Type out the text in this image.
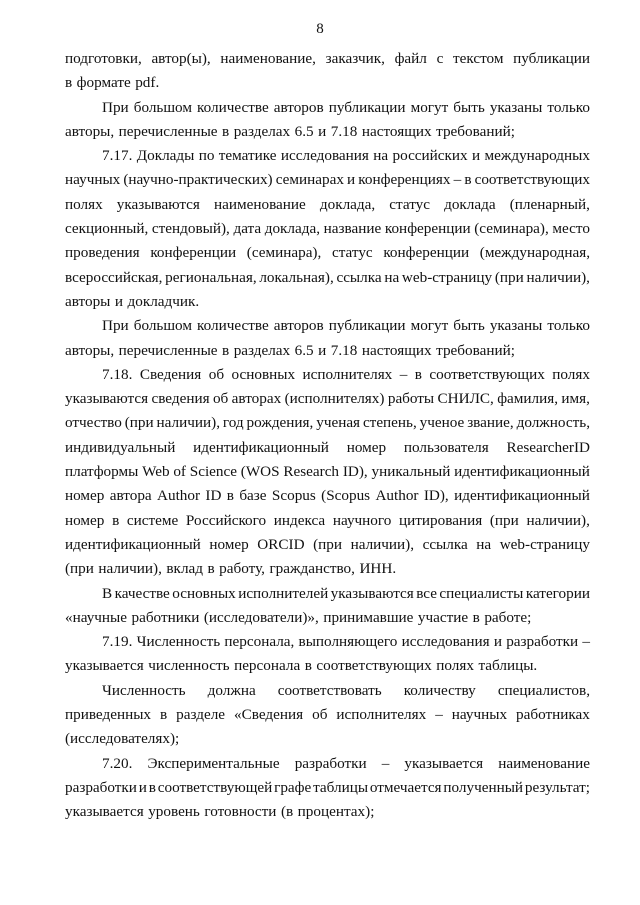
8
подготовки, автор(ы), наименование, заказчик, файл с текстом публикации
в формате pdf.
При большом количестве авторов публикации могут быть указаны только
авторы, перечисленные в разделах 6.5 и 7.18 настоящих требований;
7.17. Доклады по тематике исследования на российских и международных
научных (научно-практических) семинарах и конференциях – в соответствующих
полях указываются наименование доклада, статус доклада (пленарный,
секционный, стендовый), дата доклада, название конференции (семинара), место
проведения конференции (семинара), статус конференции (международная,
всероссийская, региональная, локальная), ссылка на web-страницу (при наличии),
авторы и докладчик.
При большом количестве авторов публикации могут быть указаны только
авторы, перечисленные в разделах 6.5 и 7.18 настоящих требований;
7.18. Сведения об основных исполнителях – в соответствующих полях
указываются сведения об авторах (исполнителях) работы СНИЛС, фамилия, имя,
отчество (при наличии), год рождения, ученая степень, ученое звание, должность,
индивидуальный идентификационный номер пользователя ResearcherID
платформы Web of Science (WOS Research ID), уникальный идентификационный
номер автора Author ID в базе Scopus (Scopus Author ID), идентификационный
номер в системе Российского индекса научного цитирования (при наличии),
идентификационный номер ORCID (при наличии), ссылка на web-страницу
(при наличии), вклад в работу, гражданство, ИНН.
В качестве основных исполнителей указываются все специалисты категории
«научные работники (исследователи)», принимавшие участие в работе;
7.19. Численность персонала, выполняющего исследования и разработки –
указывается численность персонала в соответствующих полях таблицы.
Численность должна соответствовать количеству специалистов,
приведенных в разделе «Сведения об исполнителях – научных работниках
(исследователях);
7.20. Экспериментальные разработки – указывается наименование
разработки и в соответствующей графе таблицы отмечается полученный результат;
указывается уровень готовности (в процентах);
